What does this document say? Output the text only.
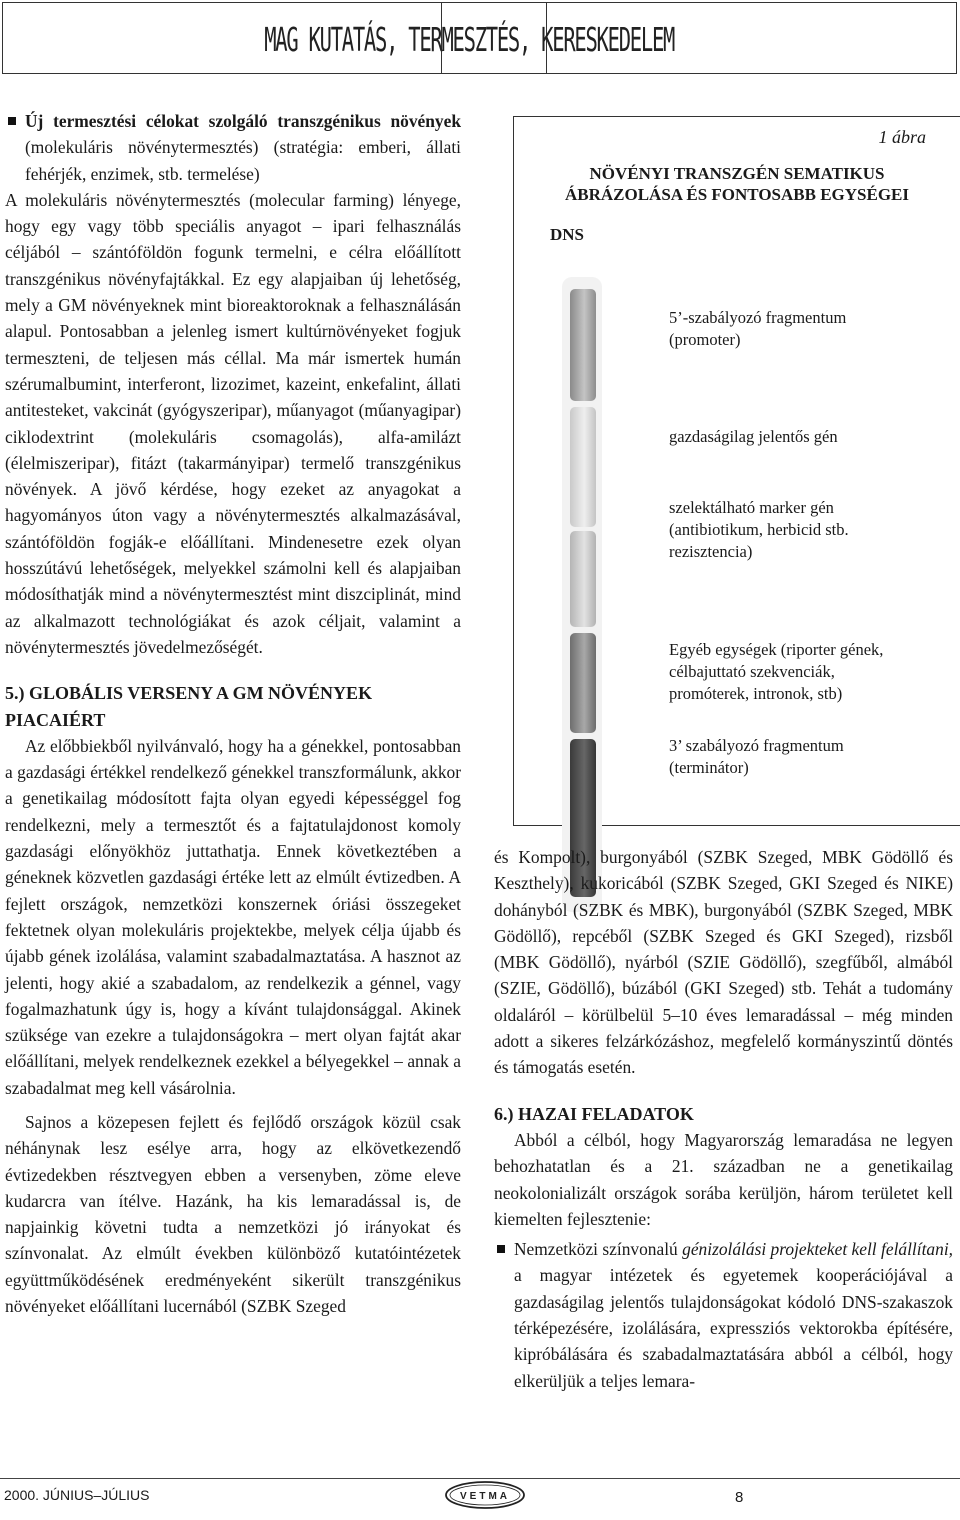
MAG KUTATÁS, TERMESZTÉS, KERESKEDELEM

Új termesztési célokat szolgáló transzgénikus növények (molekuláris növénytermesztés) (stratégia: emberi, állati fehérjék, enzimek, stb. termelése)

A molekuláris növénytermesztés (molecular farming) lényege, hogy egy vagy több speciális anyagot – ipari felhasználás céljából – szántóföldön fogunk termelni, e célra előállított transzgénikus növényfajtákkal. Ez egy alapjaiban új lehetőség, mely a GM növényeknek mint bioreaktoroknak a felhasználásán alapul. Pontosabban a jelenleg ismert kultúrnövényeket fogjuk termeszteni, de teljesen más céllal. Ma már ismertek humán szérumalbumint, interferont, lizozimet, kazeint, enkefalint, állati antitesteket, vakcinát (gyógyszeripar), műanyagot (műanyagipar) ciklodextrint (molekuláris csomagolás), alfa-amilázt (élelmiszeripar), fitázt (takarmányipar) termelő transzgénikus növények. A jövő kérdése, hogy ezeket az anyagokat a hagyományos úton vagy a növénytermesztés alkalmazásával, szántóföldön fogják-e előállítani. Mindenesetre ezek olyan hosszútávú lehetőségek, melyekkel számolni kell és alapjaiban módosíthatják mind a növénytermesztést mint diszciplinát, mind az alkalmazott technológiákat és azok céljait, valamint a növénytermesztés jövedelmezőségét.

5.) GLOBÁLIS VERSENY A GM NÖVÉNYEK PIACAIÉRT

Az előbbiekből nyilvánvaló, hogy ha a génekkel, pontosabban a gazdasági értékkel rendelkező génekkel transzformálunk, akkor a genetikailag módosított fajta olyan egyedi képességgel fog rendelkezni, mely a termesztőt és a fajtatulajdonost komoly gazdasági előnyökhöz juttathatja. Ennek következtében a géneknek közvetlen gazdasági értéke lett az elmúlt évtizedben. A fejlett országok, nemzetközi konszernek óriási összegeket fektetnek olyan molekuláris projektekbe, melyek célja újabb és újabb gének izolálása, valamint szabadalmaztatása. A hasznot az jelenti, hogy akié a szabadalom, az rendelkezik a génnel, vagy fogalmazhatunk úgy is, hogy a kívánt tulajdonsággal. Akinek szüksége van ezekre a tulajdonságokra – mert olyan fajtát akar előállítani, melyek rendelkeznek ezekkel a bélyegekkel – annak a szabadalmat meg kell vásárolnia.

Sajnos a közepesen fejlett és fejlődő országok közül csak néhánynak lesz esélye arra, hogy az elkövetkezendő évtizedekben résztvegyen ebben a versenyben, zöme eleve kudarcra van ítélve. Hazánk, ha kis lemaradással is, de napjainkig követni tudta a nemzetközi jó irányokat és színvonalat. Az elmúlt években különböző kutatóintézetek együttműködésének eredményeként sikerült transzgénikus növényeket előállítani lucernából (SZBK Szeged

1 ábra
NÖVÉNYI TRANSZGÉN SEMATIKUS
ÁBRÁZOLÁSA ÉS FONTOSABB EGYSÉGEI
DNS
5’-szabályozó fragmentum
(promoter)
gazdaságilag jelentős gén
szelektálható marker gén
(antibiotikum, herbicid stb.
rezisztencia)
Egyéb egységek (riporter gének,
célbajuttató szekvenciák,
promóterek, intronok, stb)
3’ szabályozó fragmentum
(terminátor)

és Kompolt), burgonyából (SZBK Szeged, MBK Gödöllő és Keszthely), kukoricából (SZBK Szeged, GKI Szeged és NIKE) dohányból (SZBK és MBK), burgonyából (SZBK Szeged, MBK Gödöllő), repcéből (SZBK Szeged és GKI Szeged), rizsből (MBK Gödöllő), nyárból (SZIE Gödöllő), szegfűből, almából (SZIE, Gödöllő), búzából (GKI Szeged) stb. Tehát a tudomány oldaláról – körülbelül 5–10 éves lemaradással – még minden adott a sikeres felzárkózáshoz, megfelelő kormányszintű döntés és támogatás esetén.

6.) HAZAI FELADATOK

Abból a célból, hogy Magyarország lemaradása ne legyen behozhatatlan és a 21. században ne a genetikailag neokolonializált országok sorába kerüljön, három területet kell kiemelten fejlesztenie:

Nemzetközi színvonalú génizolálási projekteket kell felállítani, a magyar intézetek és egyetemek kooperációjával a gazdaságilag jelentős tulajdonságokat kódoló DNS-szakaszok térképezésére, izolálására, expressziós vektorokba építésére, kipróbálására és szabadalmaztatására abból a célból, hogy elkerüljük a teljes lemara-

2000. JÚNIUS–JÚLIUS	VETMA	8
